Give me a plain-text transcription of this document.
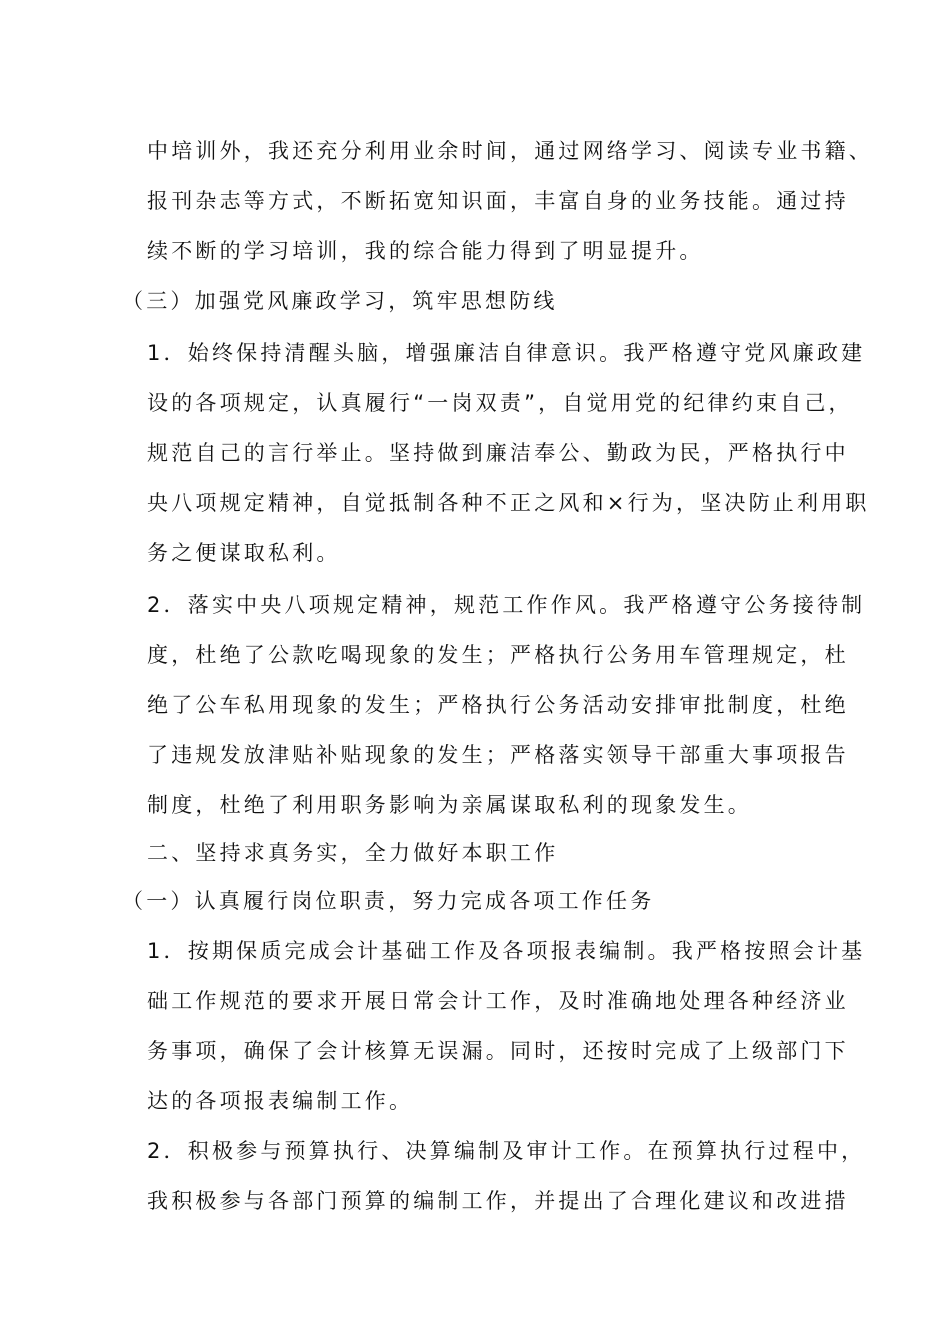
中培训外，我还充分利用业余时间，通过网络学习、阅读专业书籍、

报刊杂志等方式，不断拓宽知识面，丰富自身的业务技能。通过持

续不断的学习培训，我的综合能力得到了明显提升。

（三）加强党风廉政学习，筑牢思想防线

1．始终保持清醒头脑，增强廉洁自律意识。我严格遵守党风廉政建

设的各项规定，认真履行“一岗双责”，自觉用党的纪律约束自己，

规范自己的言行举止。坚持做到廉洁奉公、勤政为民，严格执行中

央八项规定精神，自觉抵制各种不正之风和×行为，坚决防止利用职

务之便谋取私利。

2．落实中央八项规定精神，规范工作作风。我严格遵守公务接待制

度，杜绝了公款吃喝现象的发生；严格执行公务用车管理规定，杜

绝了公车私用现象的发生；严格执行公务活动安排审批制度，杜绝

了违规发放津贴补贴现象的发生；严格落实领导干部重大事项报告

制度，杜绝了利用职务影响为亲属谋取私利的现象发生。

二、坚持求真务实，全力做好本职工作

（一）认真履行岗位职责，努力完成各项工作任务

1．按期保质完成会计基础工作及各项报表编制。我严格按照会计基

础工作规范的要求开展日常会计工作，及时准确地处理各种经济业

务事项，确保了会计核算无误漏。同时，还按时完成了上级部门下

达的各项报表编制工作。

2．积极参与预算执行、决算编制及审计工作。在预算执行过程中，

我积极参与各部门预算的编制工作，并提出了合理化建议和改进措
